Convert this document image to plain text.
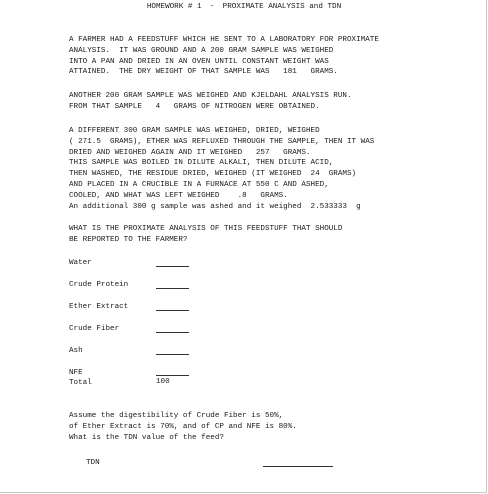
HOMEWORK # 1 - PROXIMATE ANALYSIS and TDN
A FARMER HAD A FEEDSTUFF WHICH HE SENT TO A LABORATORY FOR PROXIMATE
ANALYSIS.  IT WAS GROUND AND A 200 GRAM SAMPLE WAS WEIGHED
INTO A PAN AND DRIED IN AN OVEN UNTIL CONSTANT WEIGHT WAS
ATTAINED.  THE DRY WEIGHT OF THAT SAMPLE WAS   181   GRAMS.
ANOTHER 200 GRAM SAMPLE WAS WEIGHED AND KJELDAHL ANALYSIS RUN.
FROM THAT SAMPLE   4   GRAMS OF NITROGEN WERE OBTAINED.
A DIFFERENT 300 GRAM SAMPLE WAS WEIGHED, DRIED, WEIGHED
( 271.5  GRAMS), ETHER WAS REFLUXED THROUGH THE SAMPLE, THEN IT WAS
DRIED AND WEIGHED AGAIN AND IT WEIGHED   257   GRAMS.
THIS SAMPLE WAS BOILED IN DILUTE ALKALI, THEN DILUTE ACID,
THEN WASHED, THE RESIDUE DRIED, WEIGHED (IT WEIGHED  24  GRAMS)
AND PLACED IN A CRUCIBLE IN A FURNACE AT 550 C AND ASHED,
COOLED, AND WHAT WAS LEFT WEIGHED    .8   GRAMS.
An additional 300 g sample was ashed and it weighed  2.533333  g
WHAT IS THE PROXIMATE ANALYSIS OF THIS FEEDSTUFF THAT SHOULD
BE REPORTED TO THE FARMER?
Water
Crude Protein
Ether Extract
Crude Fiber
Ash
NFE
Total	100
Assume the digestibility of Crude Fiber is 50%,
of Ether Extract is 70%, and of CP and NFE is 80%.
What is the TDN value of the feed?
TDN
